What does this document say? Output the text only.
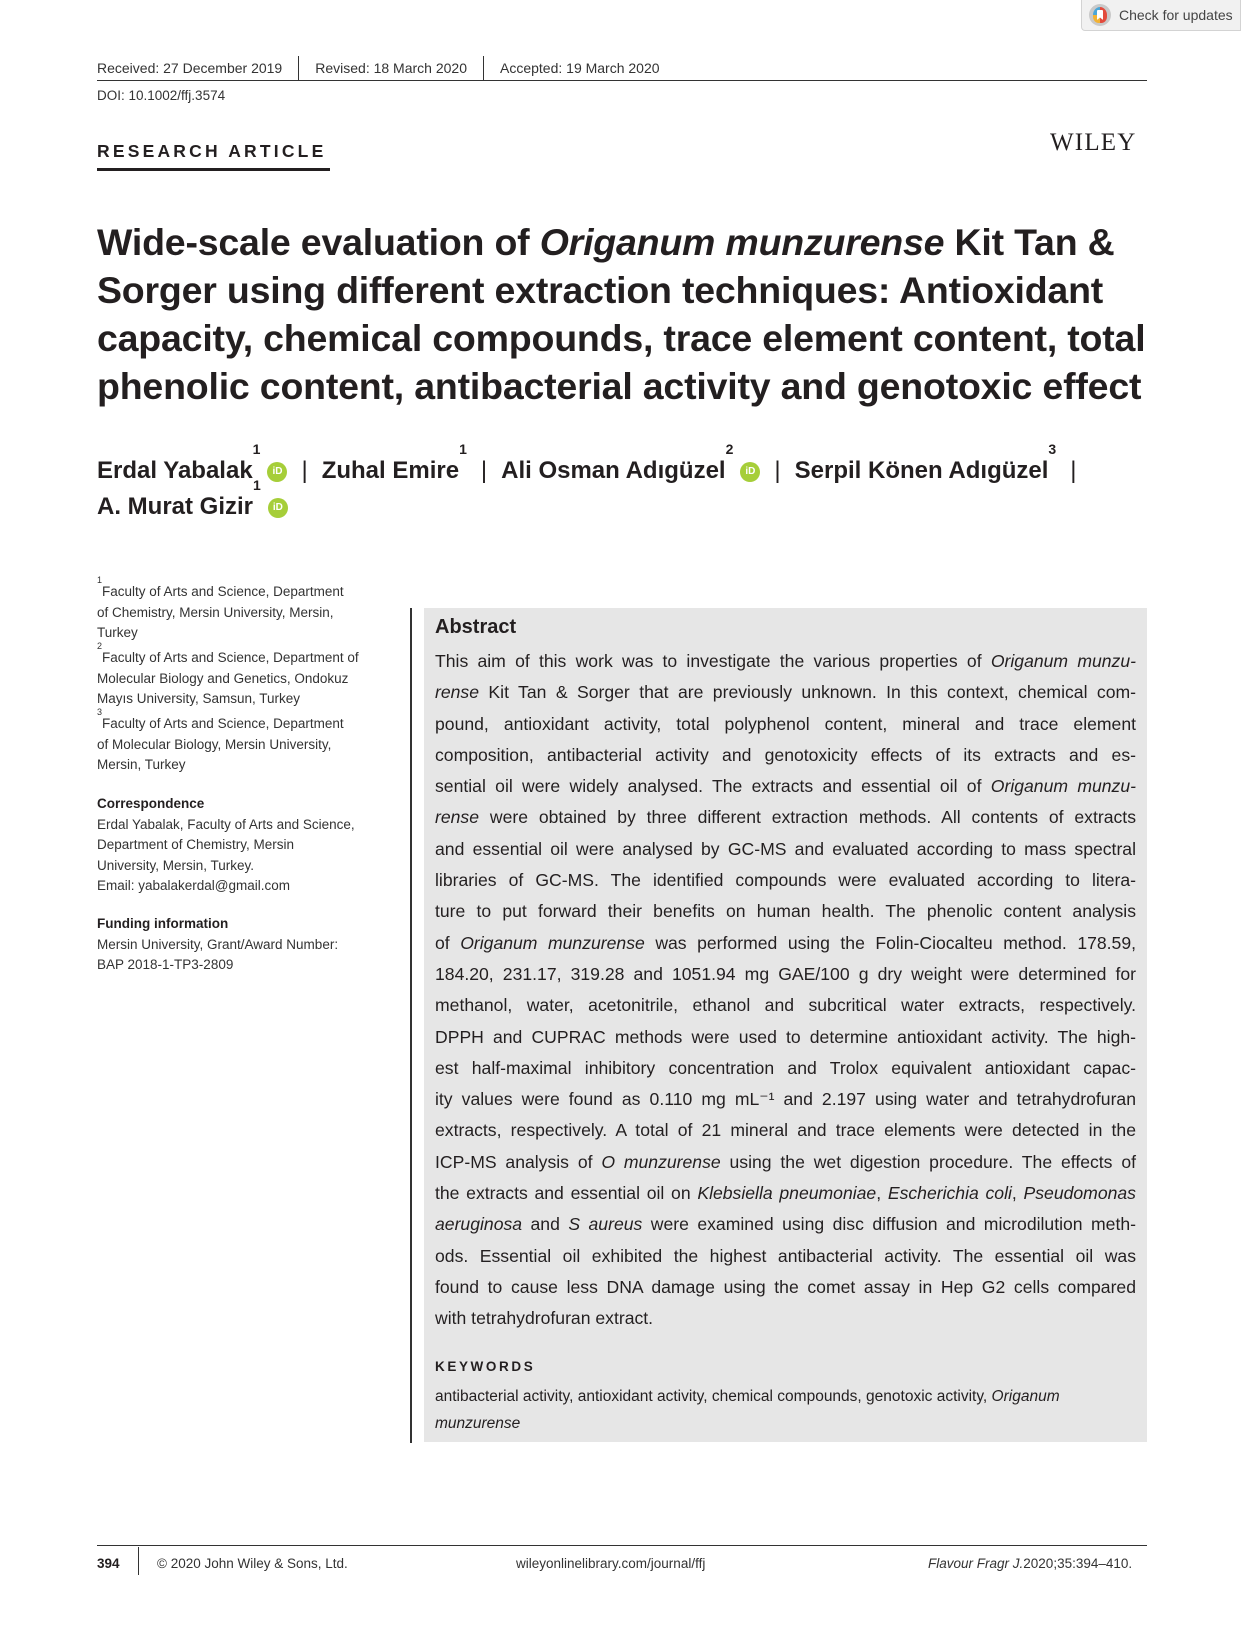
Check for updates
Received: 27 December 2019	Revised: 18 March 2020	Accepted: 19 March 2020
DOI: 10.1002/ffj.3574
RESEARCH ARTICLE	WILEY
Wide-scale evaluation of Origanum munzurense Kit Tan & Sorger using different extraction techniques: Antioxidant capacity, chemical compounds, trace element content, total phenolic content, antibacterial activity and genotoxic effect
Erdal Yabalak$^1$iD | Zuhal Emire$^1$
| Ali Osman Adıgüzel$^2$iD | Serpil Könen Adıgüzel$^3$
|
A. Murat Gizir$^1$iD
$^1$Faculty of Arts and Science, Department
of Chemistry, Mersin University, Mersin,
Turkey
$^2$Faculty of Arts and Science, Department of
Molecular Biology and Genetics, Ondokuz
Mayıs University, Samsun, Turkey
$^3$Faculty of Arts and Science, Department
of Molecular Biology, Mersin University,
Mersin, Turkey
Correspondence
Erdal Yabalak, Faculty of Arts and Science,
Department of Chemistry, Mersin
University, Mersin, Turkey.
Email: yabalakerdal@gmail.com
Funding information
Mersin University, Grant/Award Number:
BAP 2018-1-TP3-2809
Abstract
This aim of this work was to investigate the various properties of Origanum munzu-
rense Kit Tan & Sorger that are previously unknown. In this context, chemical com-
pound, antioxidant activity, total polyphenol content, mineral and trace element
composition, antibacterial activity and genotoxicity effects of its extracts and es-
sential oil were widely analysed. The extracts and essential oil of Origanum munzu-
rense were obtained by three different extraction methods. All contents of extracts
and essential oil were analysed by GC-MS and evaluated according to mass spectral
libraries of GC-MS. The identified compounds were evaluated according to litera-
ture to put forward their benefits on human health. The phenolic content analysis
of Origanum munzurense was performed using the Folin-Ciocalteu method. 178.59,
184.20, 231.17, 319.28 and 1051.94 mg GAE/100 g dry weight were determined for
methanol, water, acetonitrile, ethanol and subcritical water extracts, respectively.
DPPH and CUPRAC methods were used to determine antioxidant activity. The high-
est half-maximal inhibitory concentration and Trolox equivalent antioxidant capac-
ity values were found as 0.110 mg mL⁻¹ and 2.197 using water and tetrahydrofuran
extracts, respectively. A total of 21 mineral and trace elements were detected in the
ICP-MS analysis of O munzurense using the wet digestion procedure. The effects of
the extracts and essential oil on Klebsiella pneumoniae, Escherichia coli, Pseudomonas
aeruginosa and S aureus were examined using disc diffusion and microdilution meth-
ods. Essential oil exhibited the highest antibacterial activity. The essential oil was
found to cause less DNA damage using the comet assay in Hep G2 cells compared
with tetrahydrofuran extract.
KEYWORDS
antibacterial activity, antioxidant activity, chemical compounds, genotoxic activity, Origanum munzurense
394	© 2020 John Wiley & Sons, Ltd.	wileyonlinelibrary.com/journal/ffj	Flavour Fragr J. 2020;35:394–410.
